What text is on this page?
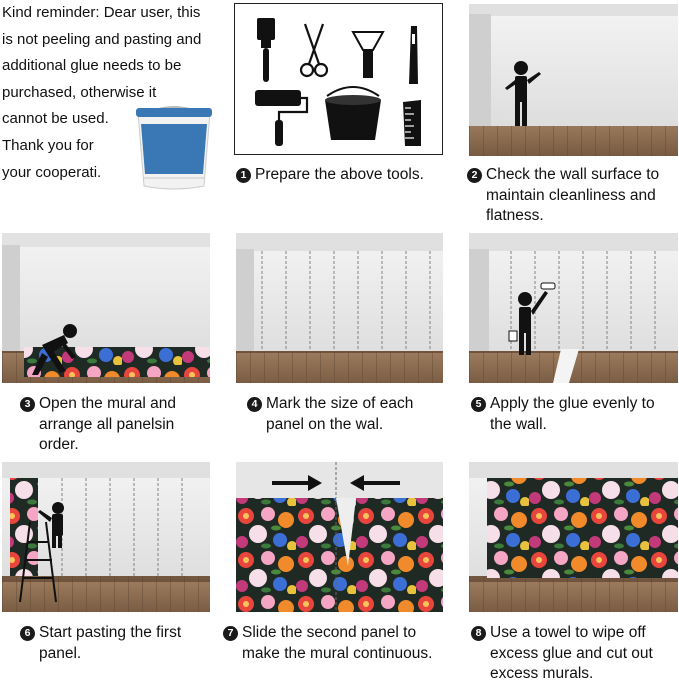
Kind reminder: Dear user, this
is not peeling and pasting and
additional glue needs to be
purchased, otherwise it
cannot be used.
Thank you for
your cooperati.	1 Prepare the above tools.	2 Check the wall surface to
maintain cleanliness and
flatness.
3 Open the mural and
arrange all panelsin
order.
4 Mark the size of each
panel on the wal.
5 Apply the glue evenly to
the wall.
6 Start pasting the first
panel.
7 Slide the second panel to
make the mural continuous.
8 Use a towel to wipe off
excess glue and cut out
excess murals.
